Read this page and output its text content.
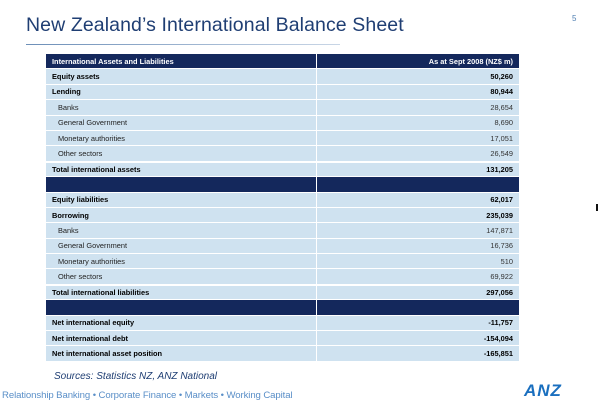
New Zealand’s International Balance Sheet	5
International Assets and Liabilities	As at Sept 2008 (NZ$ m)
Equity assets	50,260
Lending	80,944
Banks	28,654
General Government	8,690
Monetary authorities	17,051
Other sectors	26,549
Total international assets	131,205

Equity liabilities	62,017
Borrowing	235,039
Banks	147,871
General Government	16,736
Monetary authorities	510
Other sectors	69,922
Total international liabilities	297,056

Net international equity	-11,757
Net international debt	-154,094
Net international asset position	-165,851
Sources: Statistics NZ, ANZ National
Relationship Banking • Corporate Finance • Markets • Working Capital	ANZ
